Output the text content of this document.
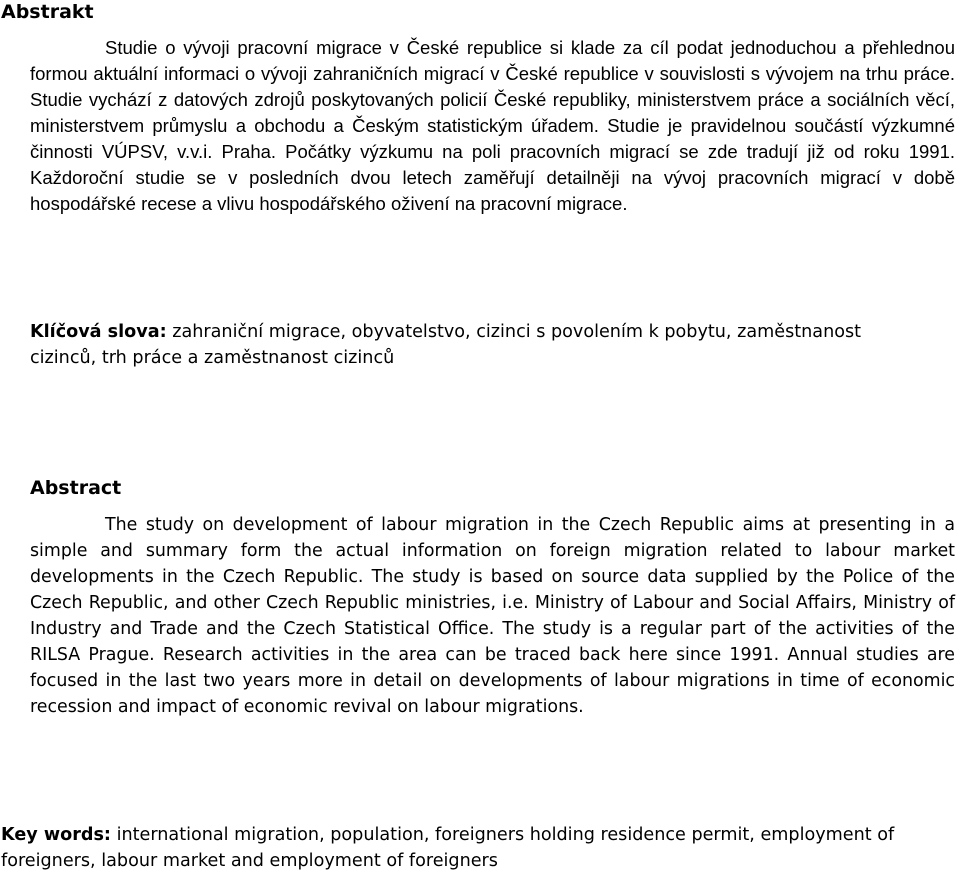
Abstrakt

Studie o vývoji pracovní migrace v České republice si klade za cíl podat jednoduchou a přehlednou formou aktuální informaci o vývoji zahraničních migrací v České republice v souvislosti s vývojem na trhu práce. Studie vychází z datových zdrojů poskytovaných policií České republiky, ministerstvem práce a sociálních věcí, ministerstvem průmyslu a obchodu a Českým statistickým úřadem. Studie je pravidelnou součástí výzkumné činnosti VÚPSV, v.v.i. Praha. Počátky výzkumu na poli pracovních migrací se zde tradují již od roku 1991. Každoroční studie se v posledních dvou letech zaměřují detailněji na vývoj pracovních migrací v době hospodářské recese a vlivu hospodářského oživení na pracovní migrace.

Klíčová slova: zahraniční migrace, obyvatelstvo, cizinci s povolením k pobytu, zaměstnanost cizinců, trh práce a zaměstnanost cizinců

Abstract

The study on development of labour migration in the Czech Republic aims at presenting in a simple and summary form the actual information on foreign migration related to labour market developments in the Czech Republic. The study is based on source data supplied by the Police of the Czech Republic, and other Czech Republic ministries, i.e. Ministry of Labour and Social Affairs, Ministry of Industry and Trade and the Czech Statistical Office. The study is a regular part of the activities of the RILSA Prague. Research activities in the area can be traced back here since 1991. Annual studies are focused in the last two years more in detail on developments of labour migrations in time of economic recession and impact of economic revival on labour migrations.

Key words: international migration, population, foreigners holding residence permit, employment of foreigners, labour market and employment of foreigners
